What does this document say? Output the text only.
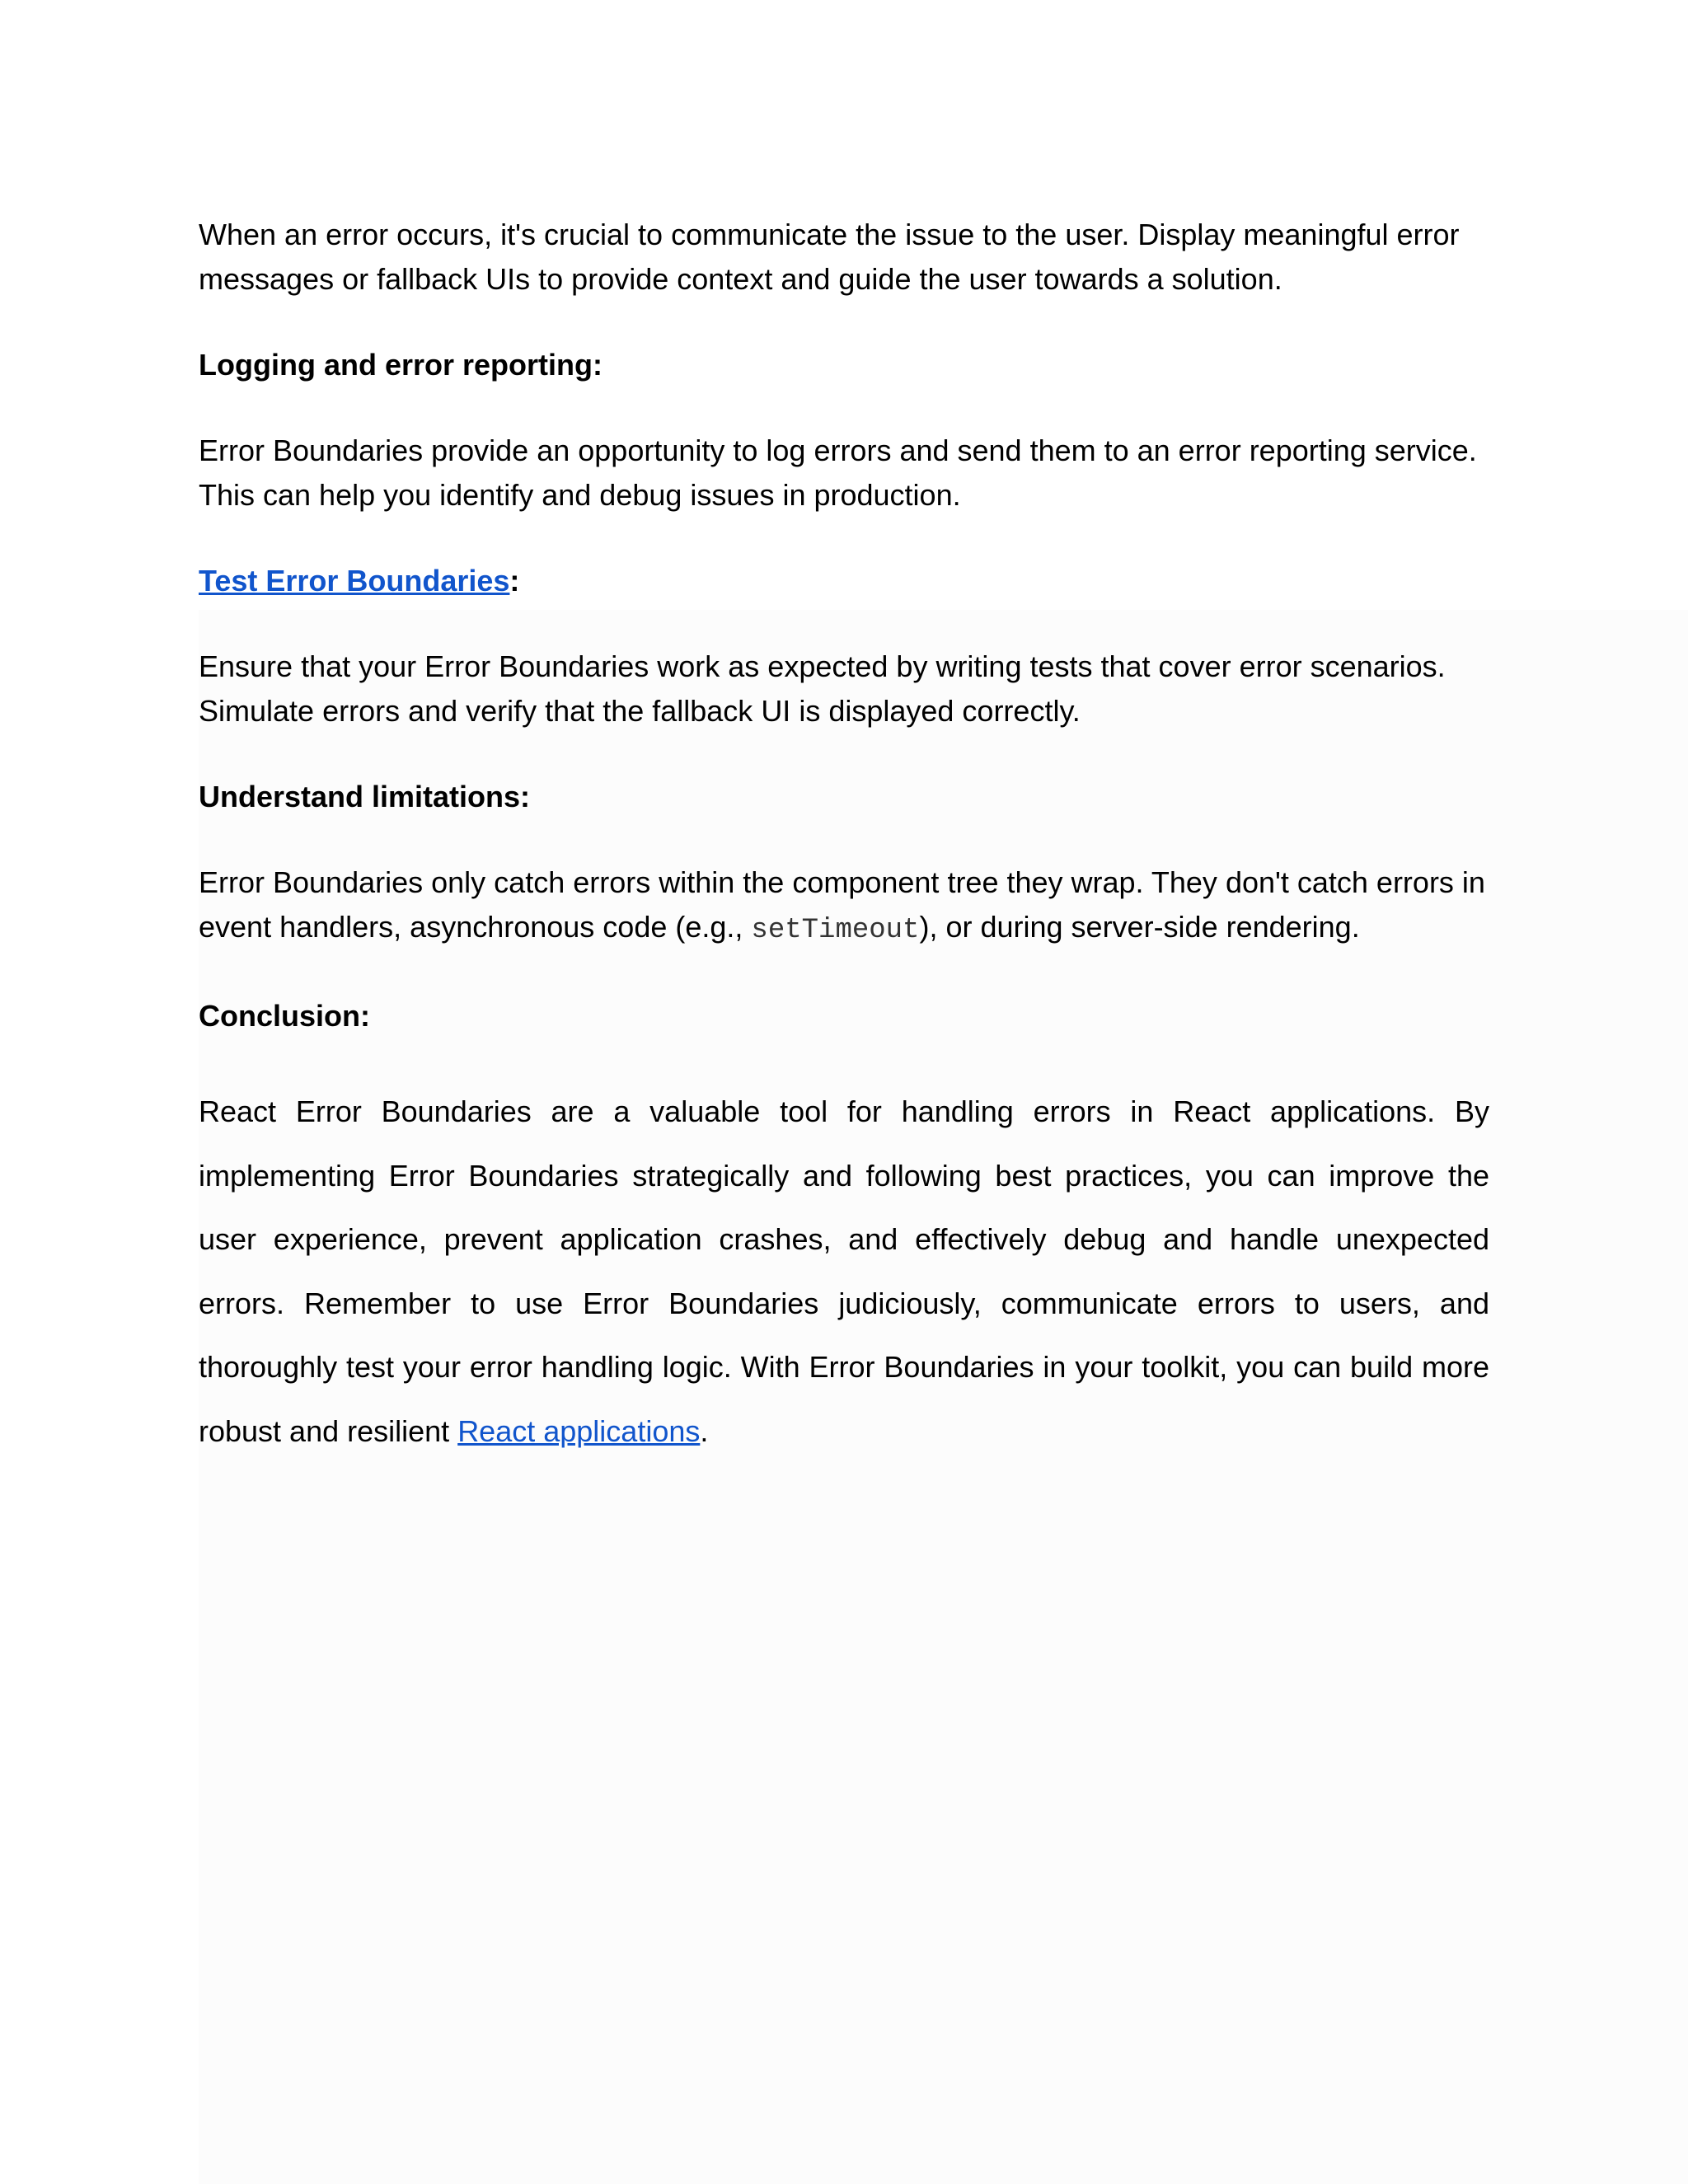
When an error occurs, it's crucial to communicate the issue to the user. Display meaningful error messages or fallback UIs to provide context and guide the user towards a solution.

Logging and error reporting:

Error Boundaries provide an opportunity to log errors and send them to an error reporting service. This can help you identify and debug issues in production.

Test Error Boundaries:

Ensure that your Error Boundaries work as expected by writing tests that cover error scenarios. Simulate errors and verify that the fallback UI is displayed correctly.

Understand limitations:

Error Boundaries only catch errors within the component tree they wrap. They don't catch errors in event handlers, asynchronous code (e.g., setTimeout), or during server-side rendering.

Conclusion:

React Error Boundaries are a valuable tool for handling errors in React applications. By implementing Error Boundaries strategically and following best practices, you can improve the user experience, prevent application crashes, and effectively debug and handle unexpected errors. Remember to use Error Boundaries judiciously, communicate errors to users, and thoroughly test your error handling logic. With Error Boundaries in your toolkit, you can build more robust and resilient React applications.
